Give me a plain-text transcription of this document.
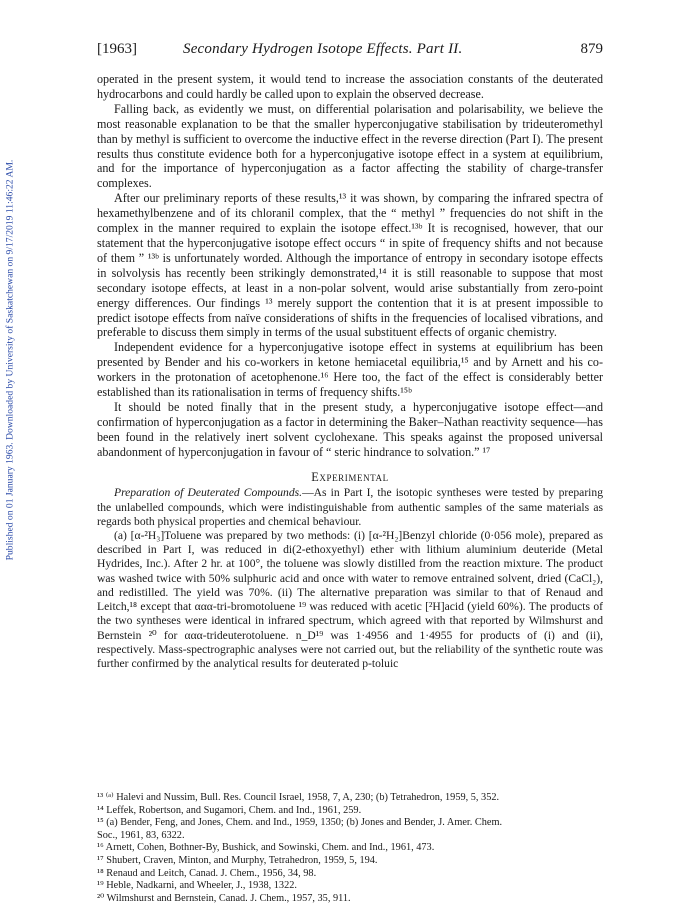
Published on 01 January 1963. Downloaded by University of Saskatchewan on 9/17/2019 11:46:22 AM.
[1963]	Secondary Hydrogen Isotope Effects. Part II.	879

operated in the present system, it would tend to increase the association constants of the deuterated hydrocarbons and could hardly be called upon to explain the observed decrease.

Falling back, as evidently we must, on differential polarisation and polarisability, we believe the most reasonable explanation to be that the smaller hyperconjugative stabilisation by trideuteromethyl than by methyl is sufficient to overcome the inductive effect in the reverse direction (Part I). The present results thus constitute evidence both for a hyperconjugative isotope effect in a system at equilibrium, and for the importance of hyperconjugation as a factor affecting the stability of charge-transfer complexes.

After our preliminary reports of these results,¹³ it was shown, by comparing the infrared spectra of hexamethylbenzene and of its chloranil complex, that the “ methyl ” frequencies do not shift in the complex in the manner required to explain the isotope effect.¹³ᵇ It is recognised, however, that our statement that the hyperconjugative isotope effect occurs “ in spite of frequency shifts and not because of them ” ¹³ᵇ is unfortunately worded. Although the importance of entropy in secondary isotope effects in solvolysis has recently been strikingly demonstrated,¹⁴ it is still reasonable to suppose that most secondary isotope effects, at least in a non-polar solvent, would arise substantially from zero-point energy differences. Our findings ¹³ merely support the contention that it is at present impossible to predict isotope effects from naïve considerations of shifts in the frequencies of localised vibrations, and preferable to discuss them simply in terms of the usual substituent effects of organic chemistry.

Independent evidence for a hyperconjugative isotope effect in systems at equilibrium has been presented by Bender and his co-workers in ketone hemiacetal equilibria,¹⁵ and by Arnett and his co-workers in the protonation of acetophenone.¹⁶ Here too, the fact of the effect is considerably better established than its rationalisation in terms of frequency shifts.¹⁵ᵇ

It should be noted finally that in the present study, a hyperconjugative isotope effect—and confirmation of hyperconjugation as a factor in determining the Baker–Nathan reactivity sequence—has been found in the relatively inert solvent cyclohexane. This speaks against the proposed universal abandonment of hyperconjugation in favour of “ steric hindrance to solvation.” ¹⁷

Experimental

Preparation of Deuterated Compounds.—As in Part I, the isotopic syntheses were tested by preparing the unlabelled compounds, which were indistinguishable from authentic samples of the same materials as regards both physical properties and chemical behaviour.

(a) [α-²H₃]Toluene was prepared by two methods: (i) [α-²H₂]Benzyl chloride (0·056 mole), prepared as described in Part I, was reduced in di(2-ethoxyethyl) ether with lithium aluminium deuteride (Metal Hydrides, Inc.). After 2 hr. at 100°, the toluene was slowly distilled from the reaction mixture. The product was washed twice with 50% sulphuric acid and once with water to remove entrained solvent, dried (CaCl₂), and redistilled. The yield was 70%. (ii) The alternative preparation was similar to that of Renaud and Leitch,¹⁸ except that ααα-tri-bromotoluene ¹⁹ was reduced with acetic [²H]acid (yield 60%). The products of the two syntheses were identical in infrared spectrum, which agreed with that reported by Wilmshurst and Bernstein ²⁰ for ααα-trideuterotoluene. n_D¹⁹ was 1·4956 and 1·4955 for products of (i) and (ii), respectively. Mass-spectrographic analyses were not carried out, but the reliability of the synthetic route was further confirmed by the analytical results for deuterated p-toluic

¹³ ⁽ᵃ⁾ Halevi and Nussim, Bull. Res. Council Israel, 1958, 7, A, 230; (b) Tetrahedron, 1959, 5, 352.
¹⁴ Leffek, Robertson, and Sugamori, Chem. and Ind., 1961, 259.
¹⁵ (a) Bender, Feng, and Jones, Chem. and Ind., 1959, 1350; (b) Jones and Bender, J. Amer. Chem.
Soc., 1961, 83, 6322.
¹⁶ Arnett, Cohen, Bothner-By, Bushick, and Sowinski, Chem. and Ind., 1961, 473.
¹⁷ Shubert, Craven, Minton, and Murphy, Tetrahedron, 1959, 5, 194.
¹⁸ Renaud and Leitch, Canad. J. Chem., 1956, 34, 98.
¹⁹ Heble, Nadkarni, and Wheeler, J., 1938, 1322.
²⁰ Wilmshurst and Bernstein, Canad. J. Chem., 1957, 35, 911.
